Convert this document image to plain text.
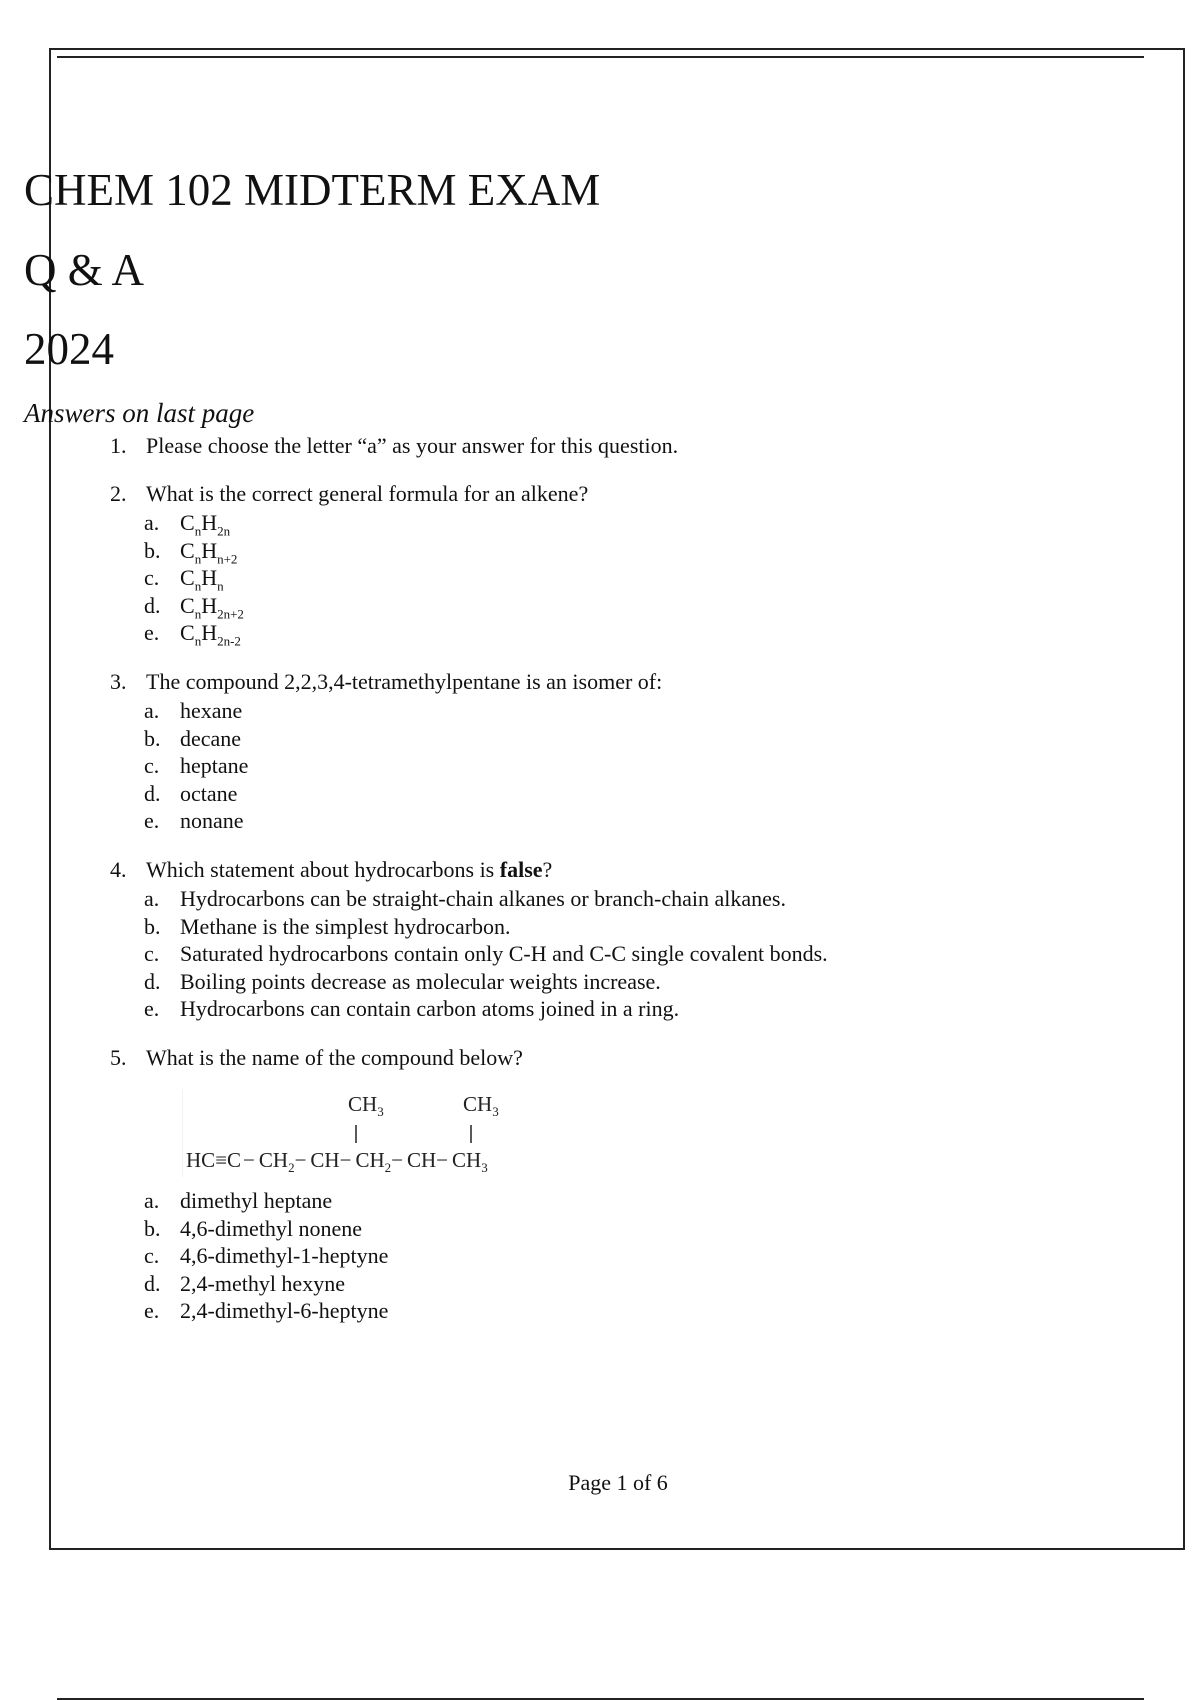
CHEM 102 MIDTERM EXAM
Q & A
2024
Answers on last page
1. Please choose the letter “a” as your answer for this question.
2. What is the correct general formula for an alkene?
a. $C_nH_{2n}$
b. $C_nH_{n+2}$
c. $C_nH_n$
d. $C_nH_{2n+2}$
e. $C_nH_{2n-2}$
3. The compound 2,2,3,4-tetramethylpentane is an isomer of:
a. hexane
b. decane
c. heptane
d. octane
e. nonane
4. Which statement about hydrocarbons is false?
a. Hydrocarbons can be straight-chain alkanes or branch-chain alkanes.
b. Methane is the simplest hydrocarbon.
c. Saturated hydrocarbons contain only C-H and C-C single covalent bonds.
d. Boiling points decrease as molecular weights increase.
e. Hydrocarbons can contain carbon atoms joined in a ring.
5. What is the name of the compound below?
$CH_3$	$CH_3$
$HC\equiv C- CH_2- CH- CH_2- CH- CH_3$
a. dimethyl heptane
b. 4,6-dimethyl nonene
c. 4,6-dimethyl-1-heptyne
d. 2,4-methyl hexyne
e. 2,4-dimethyl-6-heptyne
Page 1 of 6
